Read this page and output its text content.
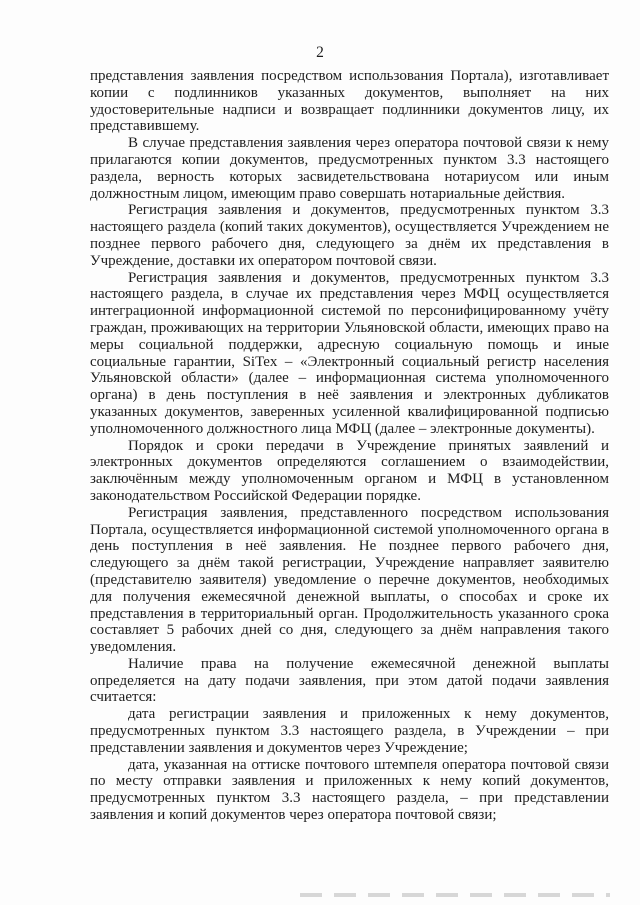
2

представления заявления посредством использования Портала), изготавливает копии с подлинников указанных документов, выполняет на них удостоверительные надписи и возвращает подлинники документов лицу, их представившему.

В случае представления заявления через оператора почтовой связи к нему прилагаются копии документов, предусмотренных пунктом 3.3 настоящего раздела, верность которых засвидетельствована нотариусом или иным должностным лицом, имеющим право совершать нотариальные действия.

Регистрация заявления и документов, предусмотренных пунктом 3.3 настоящего раздела (копий таких документов), осуществляется Учреждением не позднее первого рабочего дня, следующего за днём их представления в Учреждение, доставки их оператором почтовой связи.

Регистрация заявления и документов, предусмотренных пунктом 3.3 настоящего раздела, в случае их представления через МФЦ осуществляется интеграционной информационной системой по персонифицированному учёту граждан, проживающих на территории Ульяновской области, имеющих право на меры социальной поддержки, адресную социальную помощь и иные социальные гарантии, SiTex – «Электронный социальный регистр населения Ульяновской области» (далее – информационная система уполномоченного органа) в день поступления в неё заявления и электронных дубликатов указанных документов, заверенных усиленной квалифицированной подписью уполномоченного должностного лица МФЦ (далее – электронные документы).

Порядок и сроки передачи в Учреждение принятых заявлений и электронных документов определяются соглашением о взаимодействии, заключённым между уполномоченным органом и МФЦ в установленном законодательством Российской Федерации порядке.

Регистрация заявления, представленного посредством использования Портала, осуществляется информационной системой уполномоченного органа в день поступления в неё заявления. Не позднее первого рабочего дня, следующего за днём такой регистрации, Учреждение направляет заявителю (представителю заявителя) уведомление о перечне документов, необходимых для получения ежемесячной денежной выплаты, о способах и сроке их представления в территориальный орган. Продолжительность указанного срока составляет 5 рабочих дней со дня, следующего за днём направления такого уведомления.

Наличие права на получение ежемесячной денежной выплаты определяется на дату подачи заявления, при этом датой подачи заявления считается:

дата регистрации заявления и приложенных к нему документов, предусмотренных пунктом 3.3 настоящего раздела, в Учреждении – при представлении заявления и документов через Учреждение;

дата, указанная на оттиске почтового штемпеля оператора почтовой связи по месту отправки заявления и приложенных к нему копий документов, предусмотренных пунктом 3.3 настоящего раздела, – при представлении заявления и копий документов через оператора почтовой связи;
